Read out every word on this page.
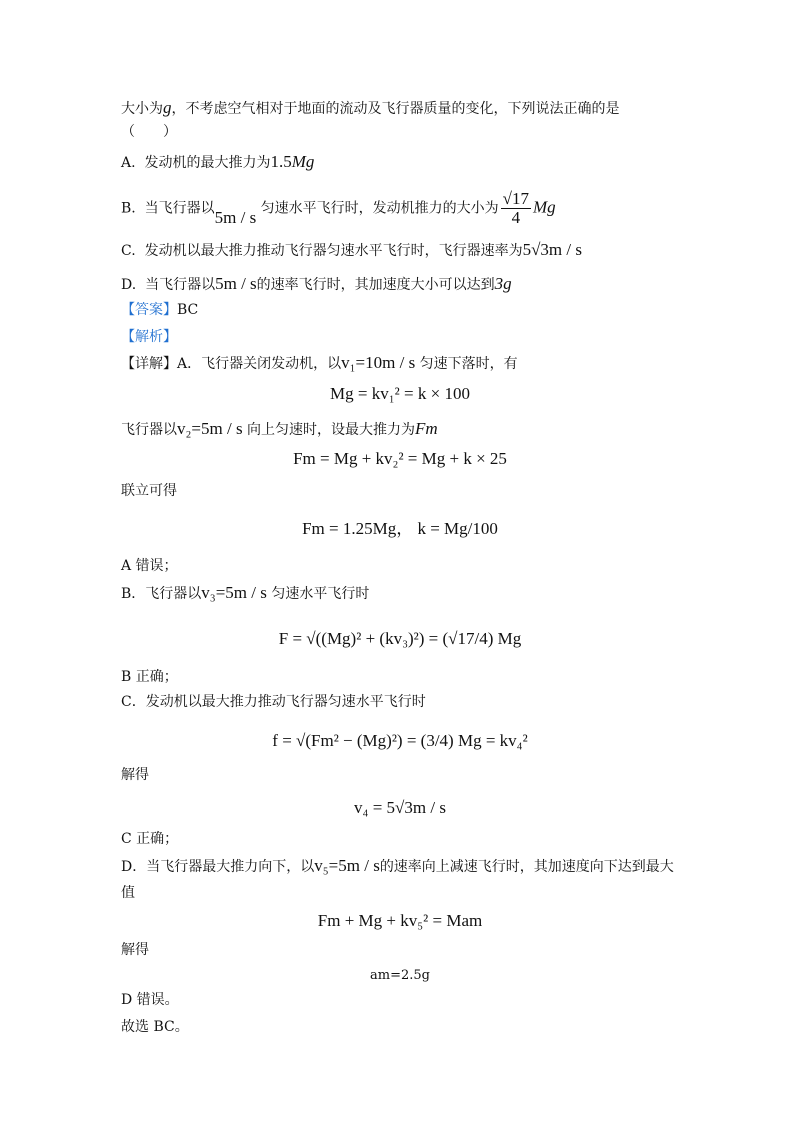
大小为g，不考虑空气相对于地面的流动及飞行器质量的变化，下列说法正确的是
（　　）
A. 发动机的最大推力为1.5Mg
B. 当飞行器以5m / s 匀速水平飞行时，发动机推力的大小为 $\frac{√17}{4}$ Mg
C. 发动机以最大推力推动飞行器匀速水平飞行时，飞行器速率为5√3m / s
D. 当飞行器以5m / s的速率飞行时，其加速度大小可以达到3g
【答案】BC
【解析】
【详解】A．飞行器关闭发动机，以v₁=10m / s 匀速下落时，有
Mg = kv₁² = k × 100
飞行器以v₂=5m / s 向上匀速时，设最大推力为Fm
Fm = Mg + kv₂² = Mg + k × 25
联立可得
Fm = 1.25Mg， k = Mg/100
A 错误；
B．飞行器以v₃=5m / s 匀速水平飞行时
F = √((Mg)² + (kv₃)²) = (√17/4) Mg
B 正确；
C．发动机以最大推力推动飞行器匀速水平飞行时
f = √(Fm² − (Mg)²) = (3/4) Mg = kv₄²
解得
v₄ = 5√3m / s
C 正确；
D．当飞行器最大推力向下，以v₅=5m / s的速率向上减速飞行时，其加速度向下达到最大
值
Fm + Mg + kv₅² = Mam
解得
am=2.5g
D 错误。
故选 BC。
